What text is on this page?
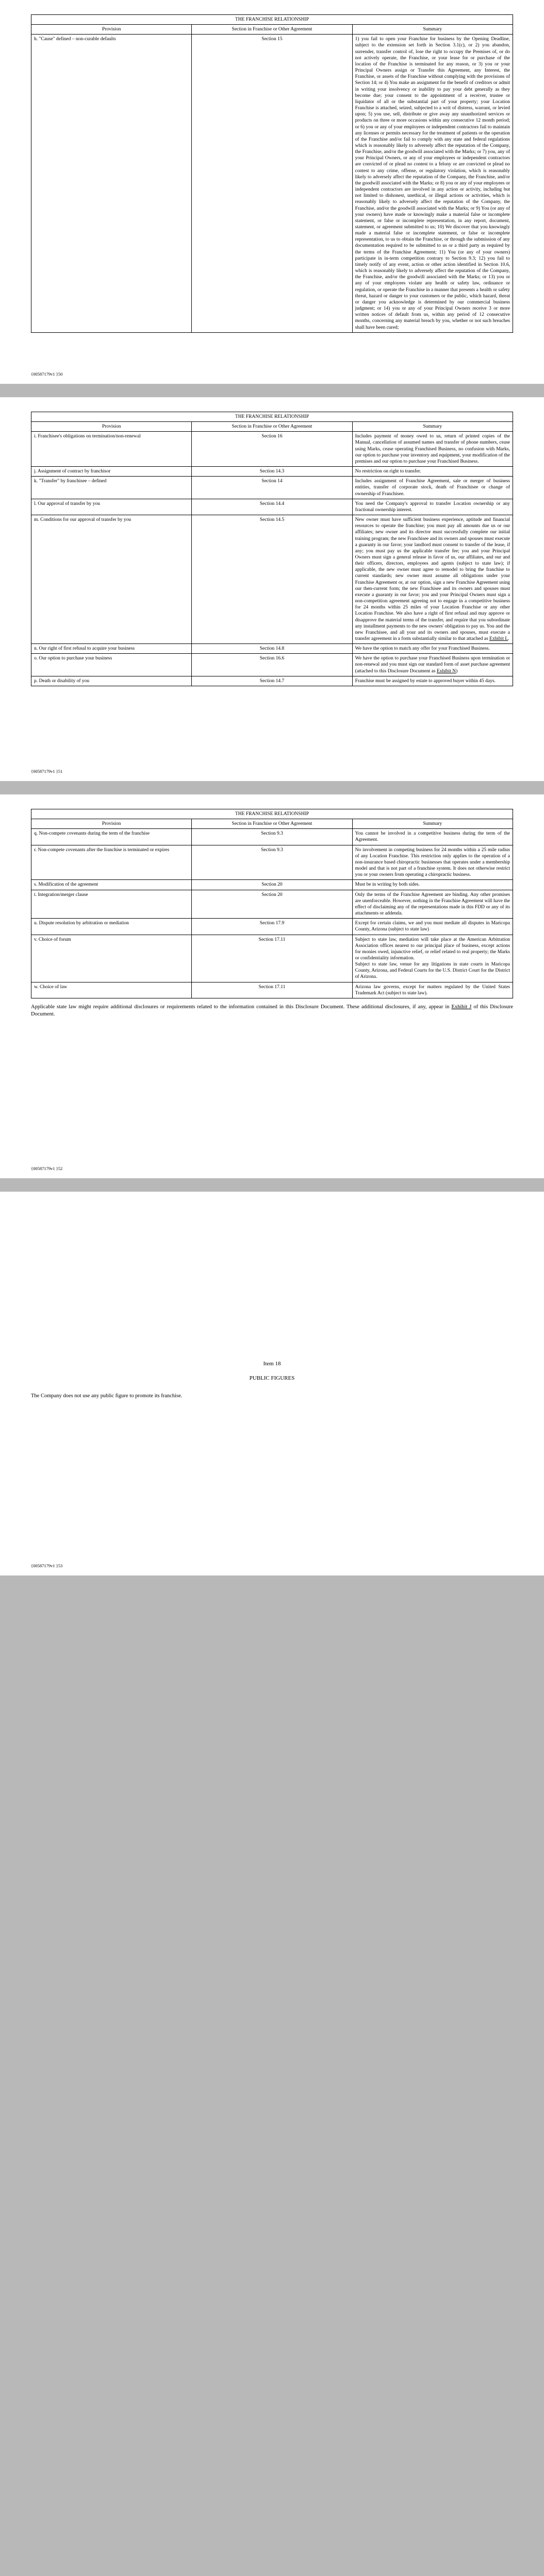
THE FRANCHISE RELATIONSHIP		
Provision	Section in Franchise or Other Agreement	Summary
h. "Cause" defined – non-curable defaults	Section 15	1) you fail to open your Franchise for business by the Opening Deadline, subject to the extension set forth in Section 3.1(c), or 2) you abandon, surrender, transfer control of, lose the right to occupy the Premises of, or do not actively operate, the Franchise, or your lease for or purchase of the location of the Franchise is terminated for any reason, or 3) you or your Principal Owners assign or Transfer this Agreement, any Interest, the Franchise, or assets of the Franchise without complying with the provisions of Section 14; or 4) You make an assignment for the benefit of creditors or admit in writing your insolvency or inability to pay your debt generally as they become due; your consent to the appointment of a receiver, trustee or liquidator of all or the substantial part of your property; your Location Franchise is attached, seized, subjected to a writ of distress, warrant, or levied upon; 5) you use, sell, distribute or give away any unauthorized services or products on three or more occasions within any consecutive 12 month period; or 6) you or any of your employees or independent contractors fail to maintain any licenses or permits necessary for the treatment of patients or the operation of the Franchise and/or fail to comply with any state and federal regulations which is reasonably likely to adversely affect the reputation of the Company, the Franchise, and/or the goodwill associated with the Marks; or 7) you, any of your Principal Owners, or any of your employees or independent contractors are convicted of or plead no contest to a felony or are convicted or plead no contest to any crime, offense, or regulatory violation, which is reasonably likely to adversely affect the reputation of the Company, the Franchise, and/or the goodwill associated with the Marks; or 8) you or any of your employees or independent contractors are involved in any action or activity, including but not limited to dishonest, unethical, or illegal actions or activities, which is reasonably likely to adversely affect the reputation of the Company, the Franchise, and/or the goodwill associated with the Marks; or 9) You (or any of your owners) have made or knowingly make a material false or incomplete statement, or false or incomplete representation, in any report, document, statement, or agreement submitted to us; 10) We discover that you knowingly made a material false or incomplete statement, or false or incomplete representation, to us to obtain the Franchise, or through the submission of any documentation required to be submitted to us or a third party as required by the terms of the Franchise Agreement; 11) You (or any of your owners) participate in in-term competition contrary to Section 9.3; 12) you fail to timely notify of any event, action or other action identified in Section 10.6, which is reasonably likely to adversely affect the reputation of the Company, the Franchise, and/or the goodwill associated with the Marks; or 13) you or any of your employees violate any health or safety law, ordinance or regulation, or operate the Franchise in a manner that presents a health or safety threat, hazard or danger to your customers or the public, which hazard, threat or danger you acknowledge is determined by our commercial business judgment; or 14) you or any of your Principal Owners receive 3 or more written notices of default from us, within any period of 12 consecutive months, concerning any material breach by you, whether or not such breaches shall have been cured;
{00587179v1 } 50
THE FRANCHISE RELATIONSHIP		
Provision	Section in Franchise or Other Agreement	Summary
i. Franchisee's obligations on termination/non-renewal	Section 16	Includes payment of money owed to us, return of printed copies of the Manual, cancellation of assumed names and transfer of phone numbers, cease using Marks, cease operating Franchised Business, no confusion with Marks, our option to purchase your inventory and equipment, your modification of the premises and our option to purchase your Franchised Business.
j. Assignment of contract by franchisor	Section 14.3	No restriction on right to transfer.
k. "Transfer" by franchisee – defined	Section 14	Includes assignment of Franchise Agreement, sale or merger of business entities, transfer of corporate stock, death of Franchisee or change of ownership of Franchisee.
l. Our approval of transfer by you	Section 14.4	You need the Company's approval to transfer Location ownership or any fractional ownership interest.
m. Conditions for our approval of transfer by you	Section 14.5	New owner must have sufficient business experience, aptitude and financial resources to operate the franchise; you must pay all amounts due us or our affiliates; new owner and its director must successfully complete our initial training program; the new Franchisee and its owners and spouses must execute a guaranty in our favor; your landlord must consent to transfer of the lease, if any; you must pay us the applicable transfer fee; you and your Principal Owners must sign a general release in favor of us, our affiliates, and our and their officers, directors, employees and agents (subject to state law); if applicable, the new owner must agree to remodel to bring the franchise to current standards; new owner must assume all obligations under your Franchise Agreement or, at our option, sign a new Franchise Agreement using our then-current form; the new Franchisee and its owners and spouses must execute a guaranty in our favor; you and your Principal Owners must sign a non-competition agreement agreeing not to engage in a competitive business for 24 months within 25 miles of your Location Franchise or any other Location Franchise. We also have a right of first refusal and may approve or disapprove the material terms of the transfer, and require that you subordinate any installment payments to the new owners' obligation to pay us. You and the new Franchisee, and all your and its owners and spouses, must execute a transfer agreement in a form substantially similar to that attached as Exhibit L.
n. Our right of first refusal to acquire your business	Section 14.8	We have the option to match any offer for your Franchised Business.
o. Our option to purchase your business	Section 16.6	We have the option to purchase your Franchised Business upon termination or non-renewal and you must sign our standard form of asset purchase agreement (attached to this Disclosure Document as Exhibit N)
p. Death or disability of you	Section 14.7	Franchise must be assigned by estate to approved buyer within 45 days.
{00587179v1 } 51
THE FRANCHISE RELATIONSHIP		
Provision	Section in Franchise or Other Agreement	Summary
q. Non-compete covenants during the term of the franchise	Section 9.3	You cannot be involved in a competitive business during the term of the Agreement.
r. Non-compete covenants after the franchise is terminated or expires	Section 9.3	No involvement in competing business for 24 months within a 25 mile radius of any Location Franchise. This restriction only applies to the operation of a non-insurance based chiropractic businesses that operates under a membership model and that is not part of a franchise system. It does not otherwise restrict you or your owners from operating a chiropractic business.
s. Modification of the agreement	Section 20	Must be in writing by both sides.
t. Integration/merger clause	Section 20	Only the terms of the Franchise Agreement are binding. Any other promises are unenforceable. However, nothing in the Franchise Agreement will have the effect of disclaiming any of the representations made in this FDD or any of its attachments or addenda.
u. Dispute resolution by arbitration or mediation	Section 17.9	Except for certain claims, we and you must mediate all disputes in Maricopa County, Arizona (subject to state law)
v. Choice of forum	Section 17.11	Subject to state law, mediation will take place at the American Arbitration Association offices nearest to our principal place of business, except actions for monies owed, injunctive relief, or relief related to real property; the Marks or confidentiality information.
Subject to state law, venue for any litigations in state courts in Maricopa County, Arizona, and Federal Courts for the U.S. District Court for the District of Arizona.
w. Choice of law	Section 17.11	Arizona law governs, except for matters regulated by the United States Trademark Act (subject to state law).

Applicable state law might require additional disclosures or requirements related to the information contained in this Disclosure Document. These additional disclosures, if any, appear in Exhibit J of this Disclosure Document.

{00587179v1 } 52
Item 18
PUBLIC FIGURES

The Company does not use any public figure to promote its franchise.

{00587179v1 } 53
